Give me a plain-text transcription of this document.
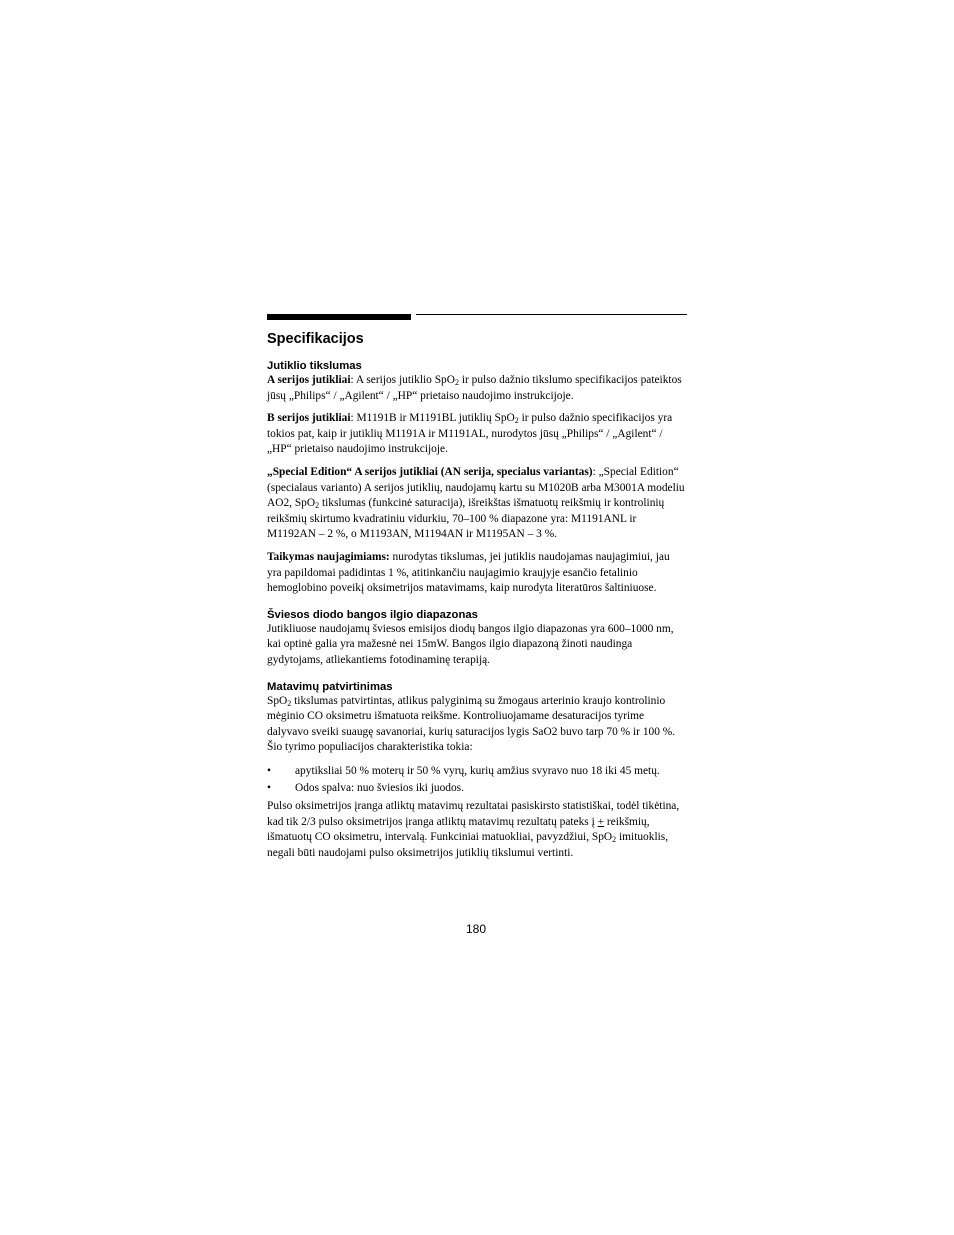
Specifikacijos
Jutiklio tikslumas

A serijos jutikliai: A serijos jutiklio SpO$_2$ ir pulso dažnio tikslumo specifikacijos pateiktos jūsų „Philips“ / „Agilent“ / „HP“ prietaiso naudojimo instrukcijoje.

B serijos jutikliai: M1191B ir M1191BL jutiklių SpO$_2$ ir pulso dažnio specifikacijos yra tokios pat, kaip ir jutiklių M1191A ir M1191AL, nurodytos jūsų „Philips“ / „Agilent“ / „HP“ prietaiso naudojimo instrukcijoje.

„Special Edition“ A serijos jutikliai (AN serija, specialus variantas): „Special Edition“ (specialaus varianto) A serijos jutiklių, naudojamų kartu su M1020B arba M3001A modeliu AO2, SpO$_2$ tikslumas (funkcinė saturacija), išreikštas išmatuotų reikšmių ir kontrolinių reikšmių skirtumo kvadratiniu vidurkiu, 70–100 % diapazone yra: M1191ANL ir M1192AN – 2 %, o M1193AN, M1194AN ir M1195AN – 3 %.

Taikymas naujagimiams: nurodytas tikslumas, jei jutiklis naudojamas naujagimiui, jau yra papildomai padidintas 1 %, atitinkančiu naujagimio kraujyje esančio fetalinio hemoglobino poveikį oksimetrijos matavimams, kaip nurodyta literatūros šaltiniuose.

Šviesos diodo bangos ilgio diapazonas

Jutikliuose naudojamų šviesos emisijos diodų bangos ilgio diapazonas yra 600–1000 nm, kai optinė galia yra mažesnė nei 15mW. Bangos ilgio diapazoną žinoti naudinga gydytojams, atliekantiems fotodinaminę terapiją.

Matavimų patvirtinimas

SpO$_2$ tikslumas patvirtintas, atlikus palyginimą su žmogaus arterinio kraujo kontrolinio mėginio CO oksimetru išmatuota reikšme. Kontroliuojamame desaturacijos tyrime dalyvavo sveiki suaugę savanoriai, kurių saturacijos lygis SaO2 buvo tarp 70 % ir 100 %. Šio tyrimo populiacijos charakteristika tokia:

• apytiksliai 50 % moterų ir 50 % vyrų, kurių amžius svyravo nuo 18 iki 45 metų.
• Odos spalva: nuo šviesios iki juodos.

Pulso oksimetrijos įranga atliktų matavimų rezultatai pasiskirsto statistiškai, todėl tikėtina, kad tik 2/3 pulso oksimetrijos įranga atliktų matavimų rezultatų pateks į + reikšmių, išmatuotų CO oksimetru, intervalą. Funkciniai matuokliai, pavyzdžiui, SpO$_2$ imituoklis, negali būti naudojami pulso oksimetrijos jutiklių tikslumui vertinti.

180
